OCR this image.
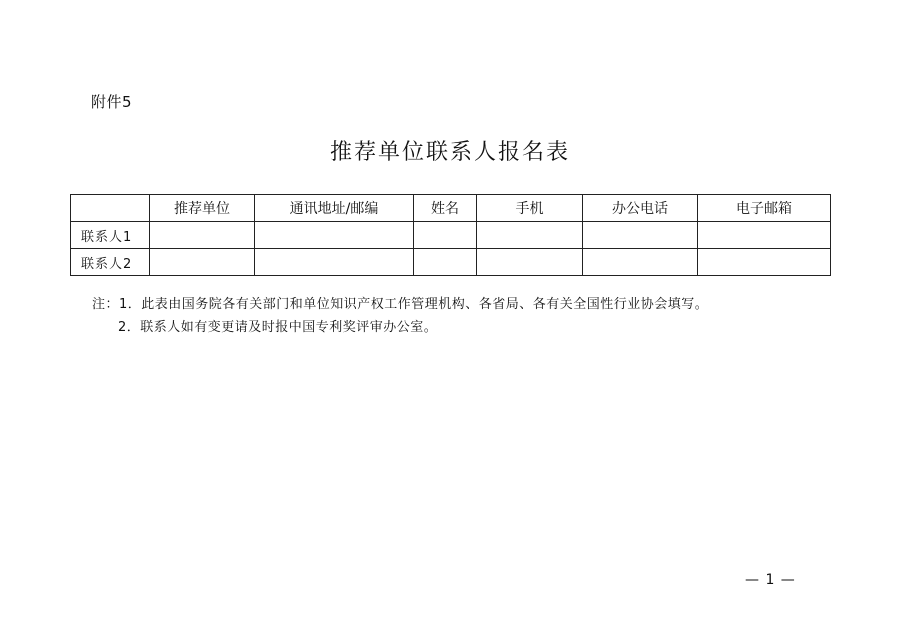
附件5
推荐单位联系人报名表
	推荐单位	通讯地址/邮编	姓名	手机	办公电话	电子邮箱
联系人1						
联系人2						
注：1．此表由国务院各有关部门和单位知识产权工作管理机构、各省局、各有关全国性行业协会填写。
2．联系人如有变更请及时报中国专利奖评审办公室。
— 1 —
